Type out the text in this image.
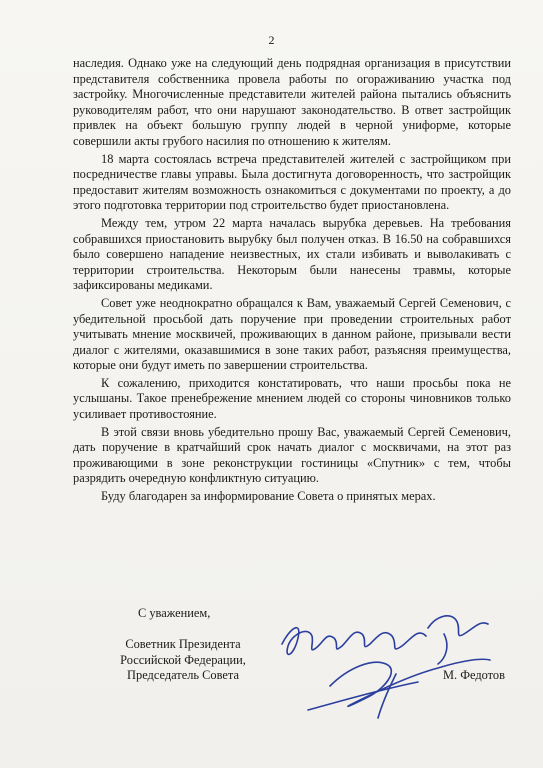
2

наследия. Однако уже на следующий день подрядная организация в присутствии представителя собственника провела работы по огораживанию участка под застройку. Многочисленные представители жителей района пытались объяснить руководителям работ, что они нарушают законодательство. В ответ застройщик привлек на объект большую группу людей в черной униформе, которые совершили акты грубого насилия по отношению к жителям.

18 марта состоялась встреча представителей жителей с застройщиком при посредничестве главы управы. Была достигнута договоренность, что застройщик предоставит жителям возможность ознакомиться с документами по проекту, а до этого подготовка территории под строительство будет приостановлена.

Между тем, утром 22 марта началась вырубка деревьев. На требования собравшихся приостановить вырубку был получен отказ. В 16.50 на собравшихся было совершено нападение неизвестных, их стали избивать и выволакивать с территории строительства. Некоторым были нанесены травмы, которые зафиксированы медиками.

Совет уже неоднократно обращался к Вам, уважаемый Сергей Семенович, с убедительной просьбой дать поручение при проведении строительных работ учитывать мнение москвичей, проживающих в данном районе, призывали вести диалог с жителями, оказавшимися в зоне таких работ, разъясняя преимущества, которые они будут иметь по завершении строительства.

К сожалению, приходится констатировать, что наши просьбы пока не услышаны. Такое пренебрежение мнением людей со стороны чиновников только усиливает противостояние.

В этой связи вновь убедительно прошу Вас, уважаемый Сергей Семенович, дать поручение в кратчайший срок начать диалог с москвичами, на этот раз проживающими в зоне реконструкции гостиницы «Спутник» с тем, чтобы разрядить очередную конфликтную ситуацию.

Буду благодарен за информирование Совета о принятых мерах.

С уважением,
Советник Президента
Российской Федерации,
Председатель Совета	М. Федотов
